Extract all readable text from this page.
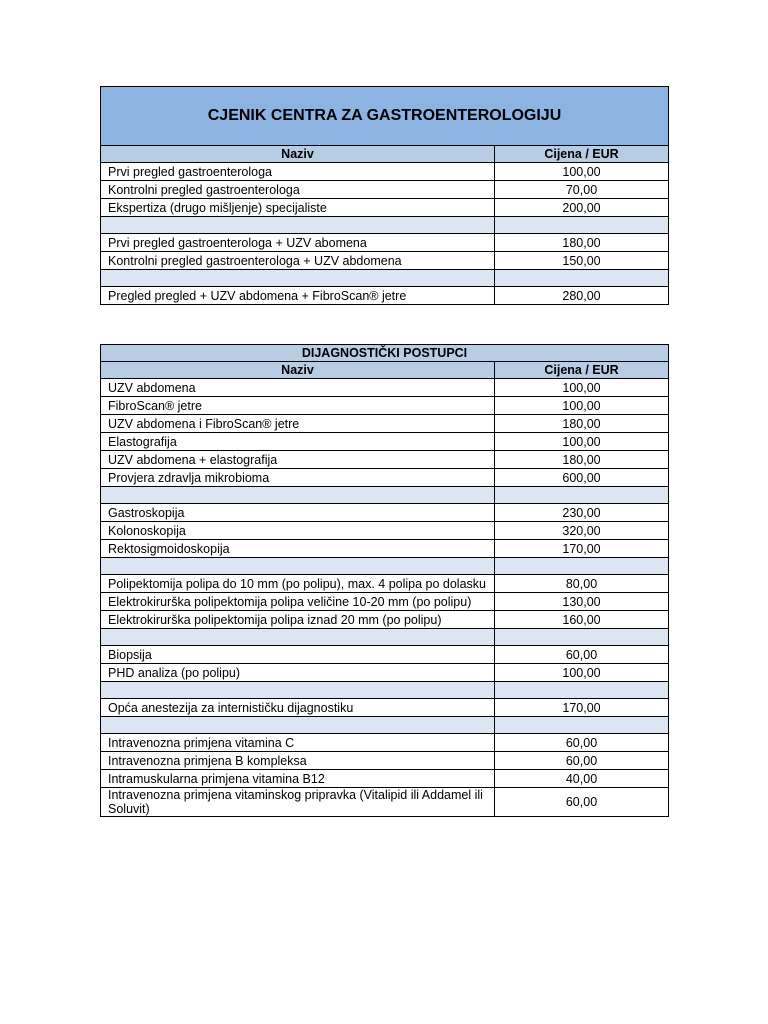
CJENIK CENTRA ZA GASTROENTEROLOGIJU	
Naziv	Cijena / EUR
Prvi pregled gastroenterologa	100,00
Kontrolni pregled gastroenterologa	70,00
Ekspertiza (drugo mišljenje) specijaliste	200,00

Prvi pregled gastroenterologa + UZV abomena	180,00
Kontrolni pregled gastroenterologa + UZV abdomena	150,00

Pregled pregled + UZV abdomena + FibroScan® jetre	280,00
DIJAGNOSTIČKI POSTUPCI	
Naziv	Cijena / EUR
UZV abdomena	100,00
FibroScan® jetre	100,00
UZV abdomena i FibroScan® jetre	180,00
Elastografija	100,00
UZV abdomena + elastografija	180,00
Provjera zdravlja mikrobioma	600,00

Gastroskopija	230,00
Kolonoskopija	320,00
Rektosigmoidoskopija	170,00

Polipektomija polipa do 10 mm (po polipu), max. 4 polipa po dolasku	80,00
Elektrokirurška polipektomija polipa veličine 10-20 mm (po polipu)	130,00
Elektrokirurška polipektomija polipa iznad 20 mm (po polipu)	160,00

Biopsija	60,00
PHD analiza (po polipu)	100,00

Opća anestezija za internističku dijagnostiku	170,00

Intravenozna primjena vitamina C	60,00
Intravenozna primjena B kompleksa	60,00
Intramuskularna primjena vitamina B12	40,00
Intravenozna primjena vitaminskog pripravka (Vitalipid ili Addamel ili Soluvit)	60,00
